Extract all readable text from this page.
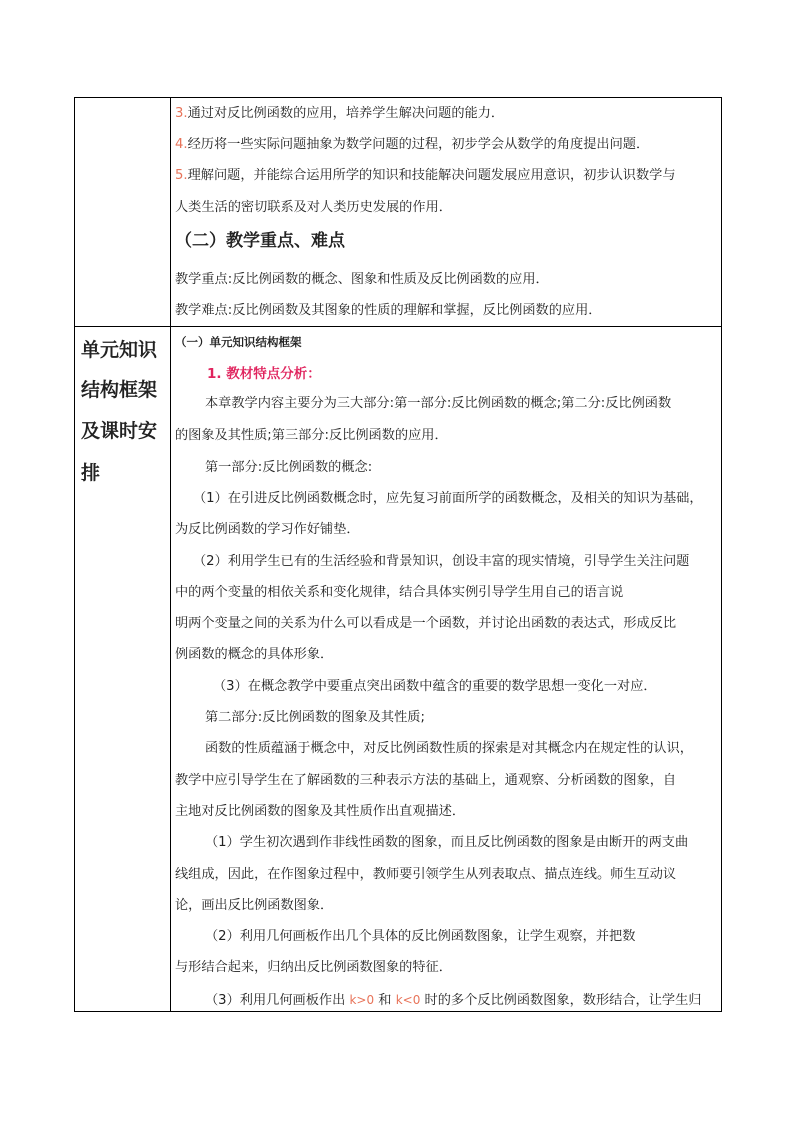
单元知识
结构框架
及课时安
排
3.通过对反比例函数的应用，培养学生解决问题的能力．
4.经历将一些实际问题抽象为数学问题的过程，初步学会从数学的角度提出问题．
5.理解问题，并能综合运用所学的知识和技能解决问题发展应用意识，初步认识数学与
人类生活的密切联系及对人类历史发展的作用．
（二）教学重点、难点
教学重点:反比例函数的概念、图象和性质及反比例函数的应用．
教学难点:反比例函数及其图象的性质的理解和掌握，反比例函数的应用．
（一）单元知识结构框架
1. 教材特点分析：
本章教学内容主要分为三大部分:第一部分:反比例函数的概念;第二分:反比例函数
的图象及其性质;第三部分:反比例函数的应用．
第一部分:反比例函数的概念:
（1）在引进反比例函数概念时，应先复习前面所学的函数概念，及相关的知识为基础，
为反比例函数的学习作好铺垫．
（2）利用学生已有的生活经验和背景知识，创设丰富的现实情境，引导学生关注问题
中的两个变量的相依关系和变化规律，结合具体实例引导学生用自己的语言说
明两个变量之间的关系为什么可以看成是一个函数，并讨论出函数的表达式，形成反比
例函数的概念的具体形象．
（3）在概念教学中要重点突出函数中蕴含的重要的数学思想一变化一对应．
第二部分:反比例函数的图象及其性质;
函数的性质蕴涵于概念中，对反比例函数性质的探索是对其概念内在规定性的认识，
教学中应引导学生在了解函数的三种表示方法的基础上，通观察、分析函数的图象，自
主地对反比例函数的图象及其性质作出直观描述．
（1）学生初次遇到作非线性函数的图象，而且反比例函数的图象是由断开的两支曲
线组成，因此，在作图象过程中，教师要引领学生从列表取点、描点连线。师生互动议
论，画出反比例函数图象．
（2）利用几何画板作出几个具体的反比例函数图象，让学生观察，并把数
与形结合起来，归纳出反比例函数图象的特征．
（3）利用几何画板作出 k>0 和 k<0 时的多个反比例函数图象，数形结合，让学生归
